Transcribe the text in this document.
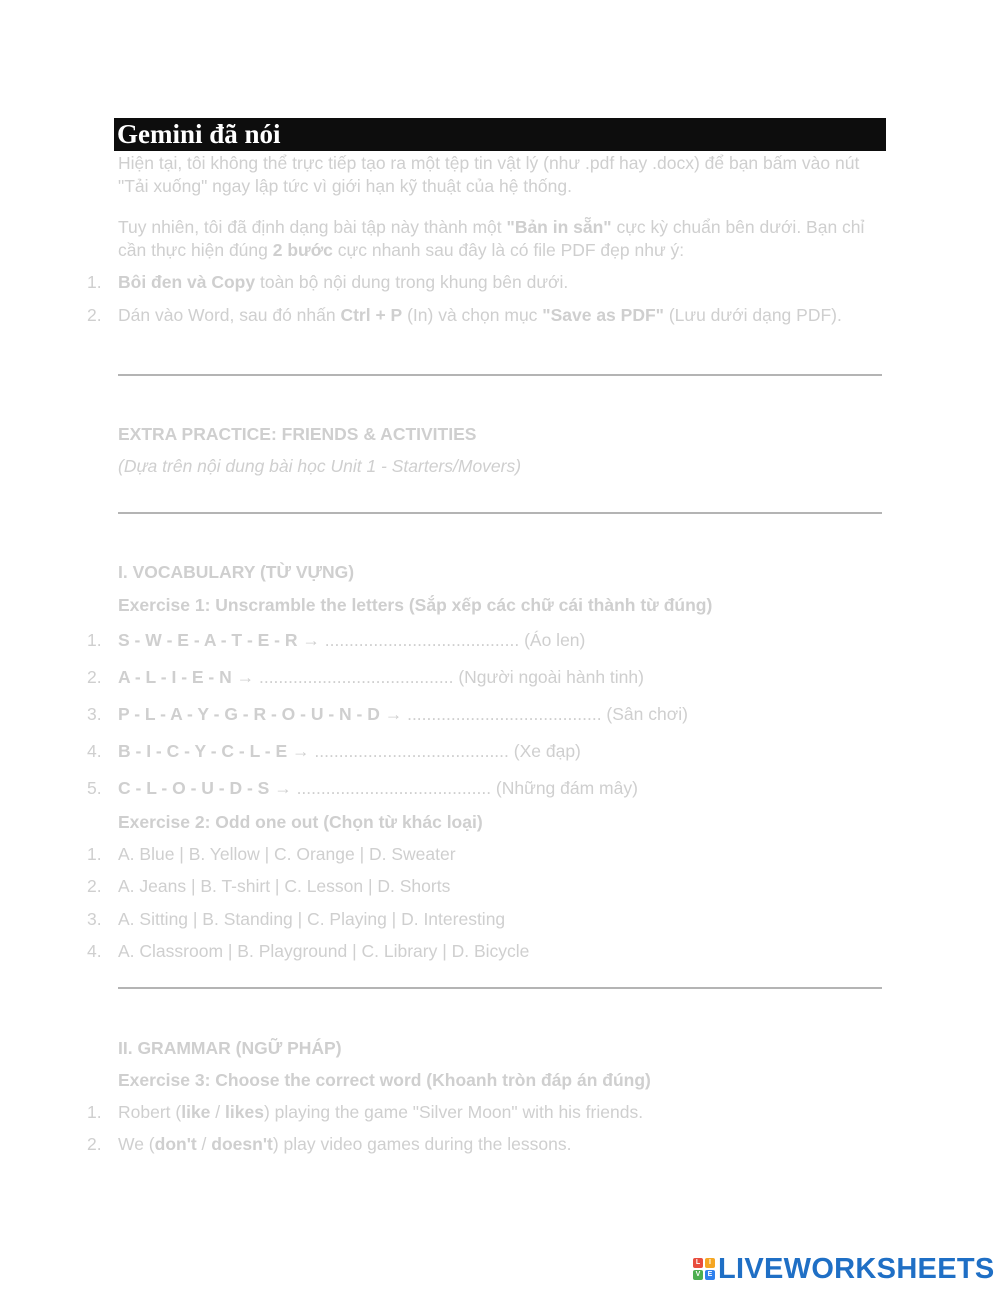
Gemini đã nói
Hiện tại, tôi không thể trực tiếp tạo ra một tệp tin vật lý (như .pdf hay .docx) để bạn bấm vào nút "Tải xuống" ngay lập tức vì giới hạn kỹ thuật của hệ thống.
Tuy nhiên, tôi đã định dạng bài tập này thành một "Bản in sẵn" cực kỳ chuẩn bên dưới. Bạn chỉ cần thực hiện đúng 2 bước cực nhanh sau đây là có file PDF đẹp như ý:
1. Bôi đen và Copy toàn bộ nội dung trong khung bên dưới.
2. Dán vào Word, sau đó nhấn Ctrl + P (In) và chọn mục "Save as PDF" (Lưu dưới dạng PDF).
EXTRA PRACTICE: FRIENDS & ACTIVITIES
(Dựa trên nội dung bài học Unit 1 - Starters/Movers)
I. VOCABULARY (TỪ VỰNG)
Exercise 1: Unscramble the letters (Sắp xếp các chữ cái thành từ đúng)
1. S - W - E - A - T - E - R → ........................................ (Áo len)
2. A - L - I - E - N → ........................................ (Người ngoài hành tinh)
3. P - L - A - Y - G - R - O - U - N - D → ........................................ (Sân chơi)
4. B - I - C - Y - C - L - E → ........................................ (Xe đạp)
5. C - L - O - U - D - S → ........................................ (Những đám mây)
Exercise 2: Odd one out (Chọn từ khác loại)
1. A. Blue | B. Yellow | C. Orange | D. Sweater
2. A. Jeans | B. T-shirt | C. Lesson | D. Shorts
3. A. Sitting | B. Standing | C. Playing | D. Interesting
4. A. Classroom | B. Playground | C. Library | D. Bicycle
II. GRAMMAR (NGỮ PHÁP)
Exercise 3: Choose the correct word (Khoanh tròn đáp án đúng)
1. Robert (like / likes) playing the game "Silver Moon" with his friends.
2. We (don't / doesn't) play video games during the lessons.
L	I
V	E LIVEWORKSHEETS
